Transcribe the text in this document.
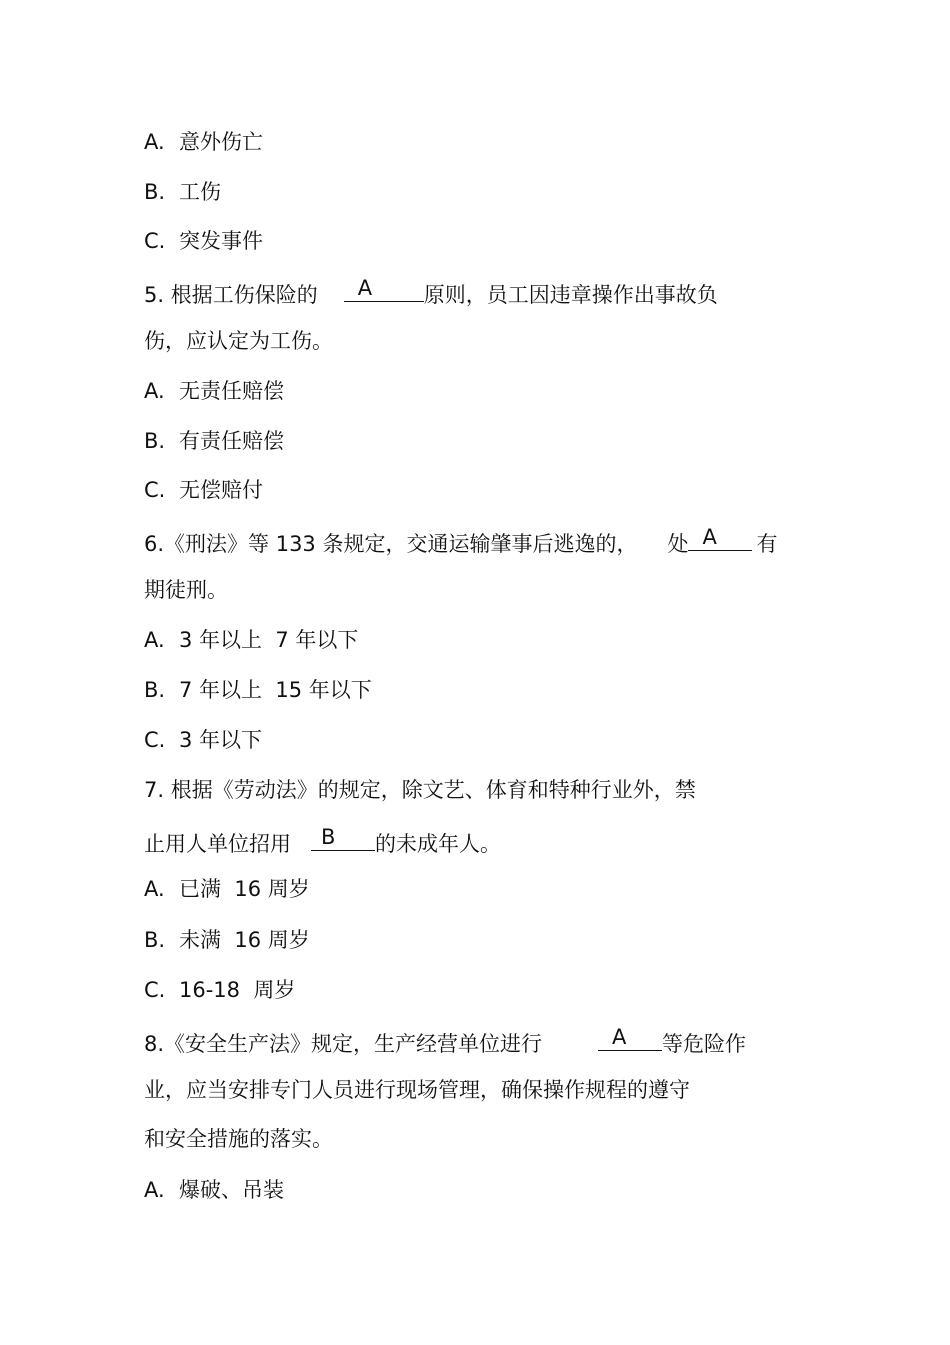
A. 意外伤亡
B. 工伤
C. 突发事件
5. 根据工伤保险的 A 原则，员工因违章操作出事故负
伤，应认定为工伤。
A. 无责任赔偿
B. 有责任赔偿
C. 无偿赔付
6.《刑法》等 133 条规定，交通运输肇事后逃逸的， 处 A 有
期徒刑。
A. 3 年以上  7 年以下
B. 7 年以上  15 年以下
C. 3 年以下
7. 根据《劳动法》的规定，除文艺、体育和特种行业外，禁
止用人单位招用 B 的未成年人。
A. 已满  16 周岁
B. 未满  16 周岁
C. 16-18  周岁
8.《安全生产法》规定，生产经营单位进行	A 等危险作
业，应当安排专门人员进行现场管理，确保操作规程的遵守
和安全措施的落实。
A. 爆破、吊装
